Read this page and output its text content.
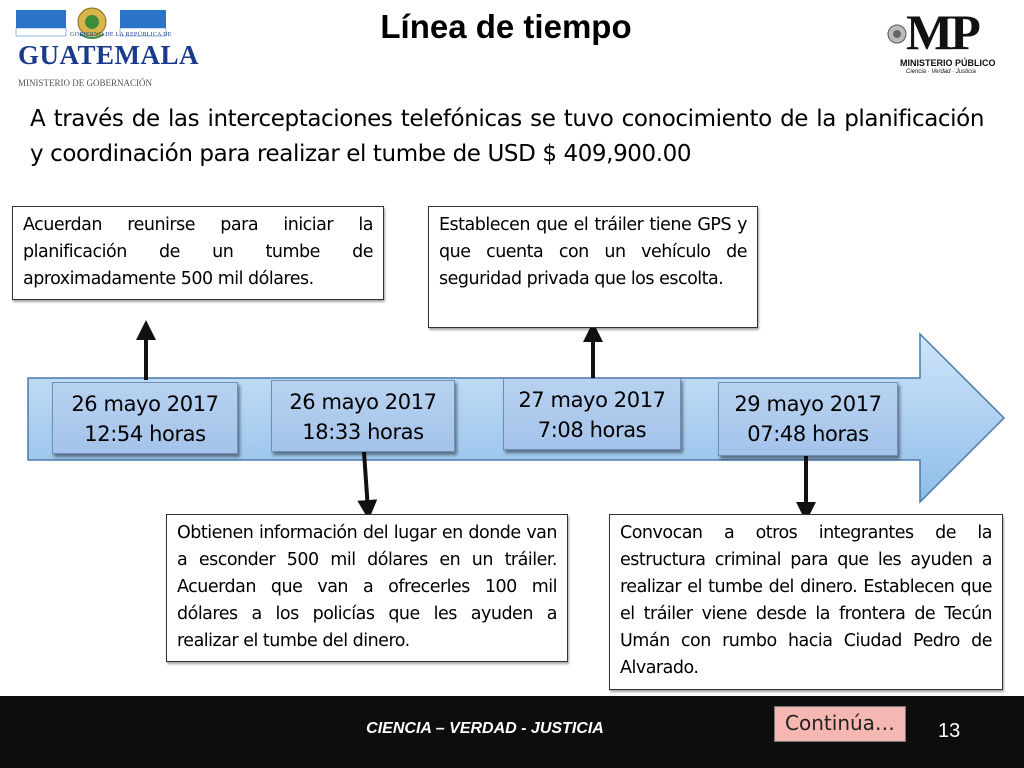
GOBIERNO DE LA REPÚBLICA DE
GUATEMALA
MINISTERIO DE GOBERNACIÓN
Línea de tiempo	MP
MINISTERIO PÚBLICO
Ciencia · Verdad · Justicia
A través de las interceptaciones telefónicas se tuvo conocimiento de la planificación y coordinación para realizar el tumbe de USD $ 409,900.00
26 mayo 2017
12:54 horas
26 mayo 2017
18:33 horas
27 mayo 2017
7:08 horas
29 mayo 2017
07:48 horas
Acuerdan reunirse para iniciar la planificación de un tumbe de aproximadamente 500 mil dólares.
Establecen que el tráiler tiene GPS y que cuenta con un vehículo de seguridad privada que los escolta.
Obtienen información del lugar en donde van a esconder 500 mil dólares en un tráiler. Acuerdan que van a ofrecerles 100 mil dólares a los policías que les ayuden a realizar el tumbe del dinero.
Convocan a otros integrantes de la estructura criminal para que les ayuden a realizar el tumbe del dinero. Establecen que el tráiler viene desde la frontera de Tecún Umán con rumbo hacia Ciudad Pedro de Alvarado.
CIENCIA – VERDAD - JUSTICIA	Continúa…	13
